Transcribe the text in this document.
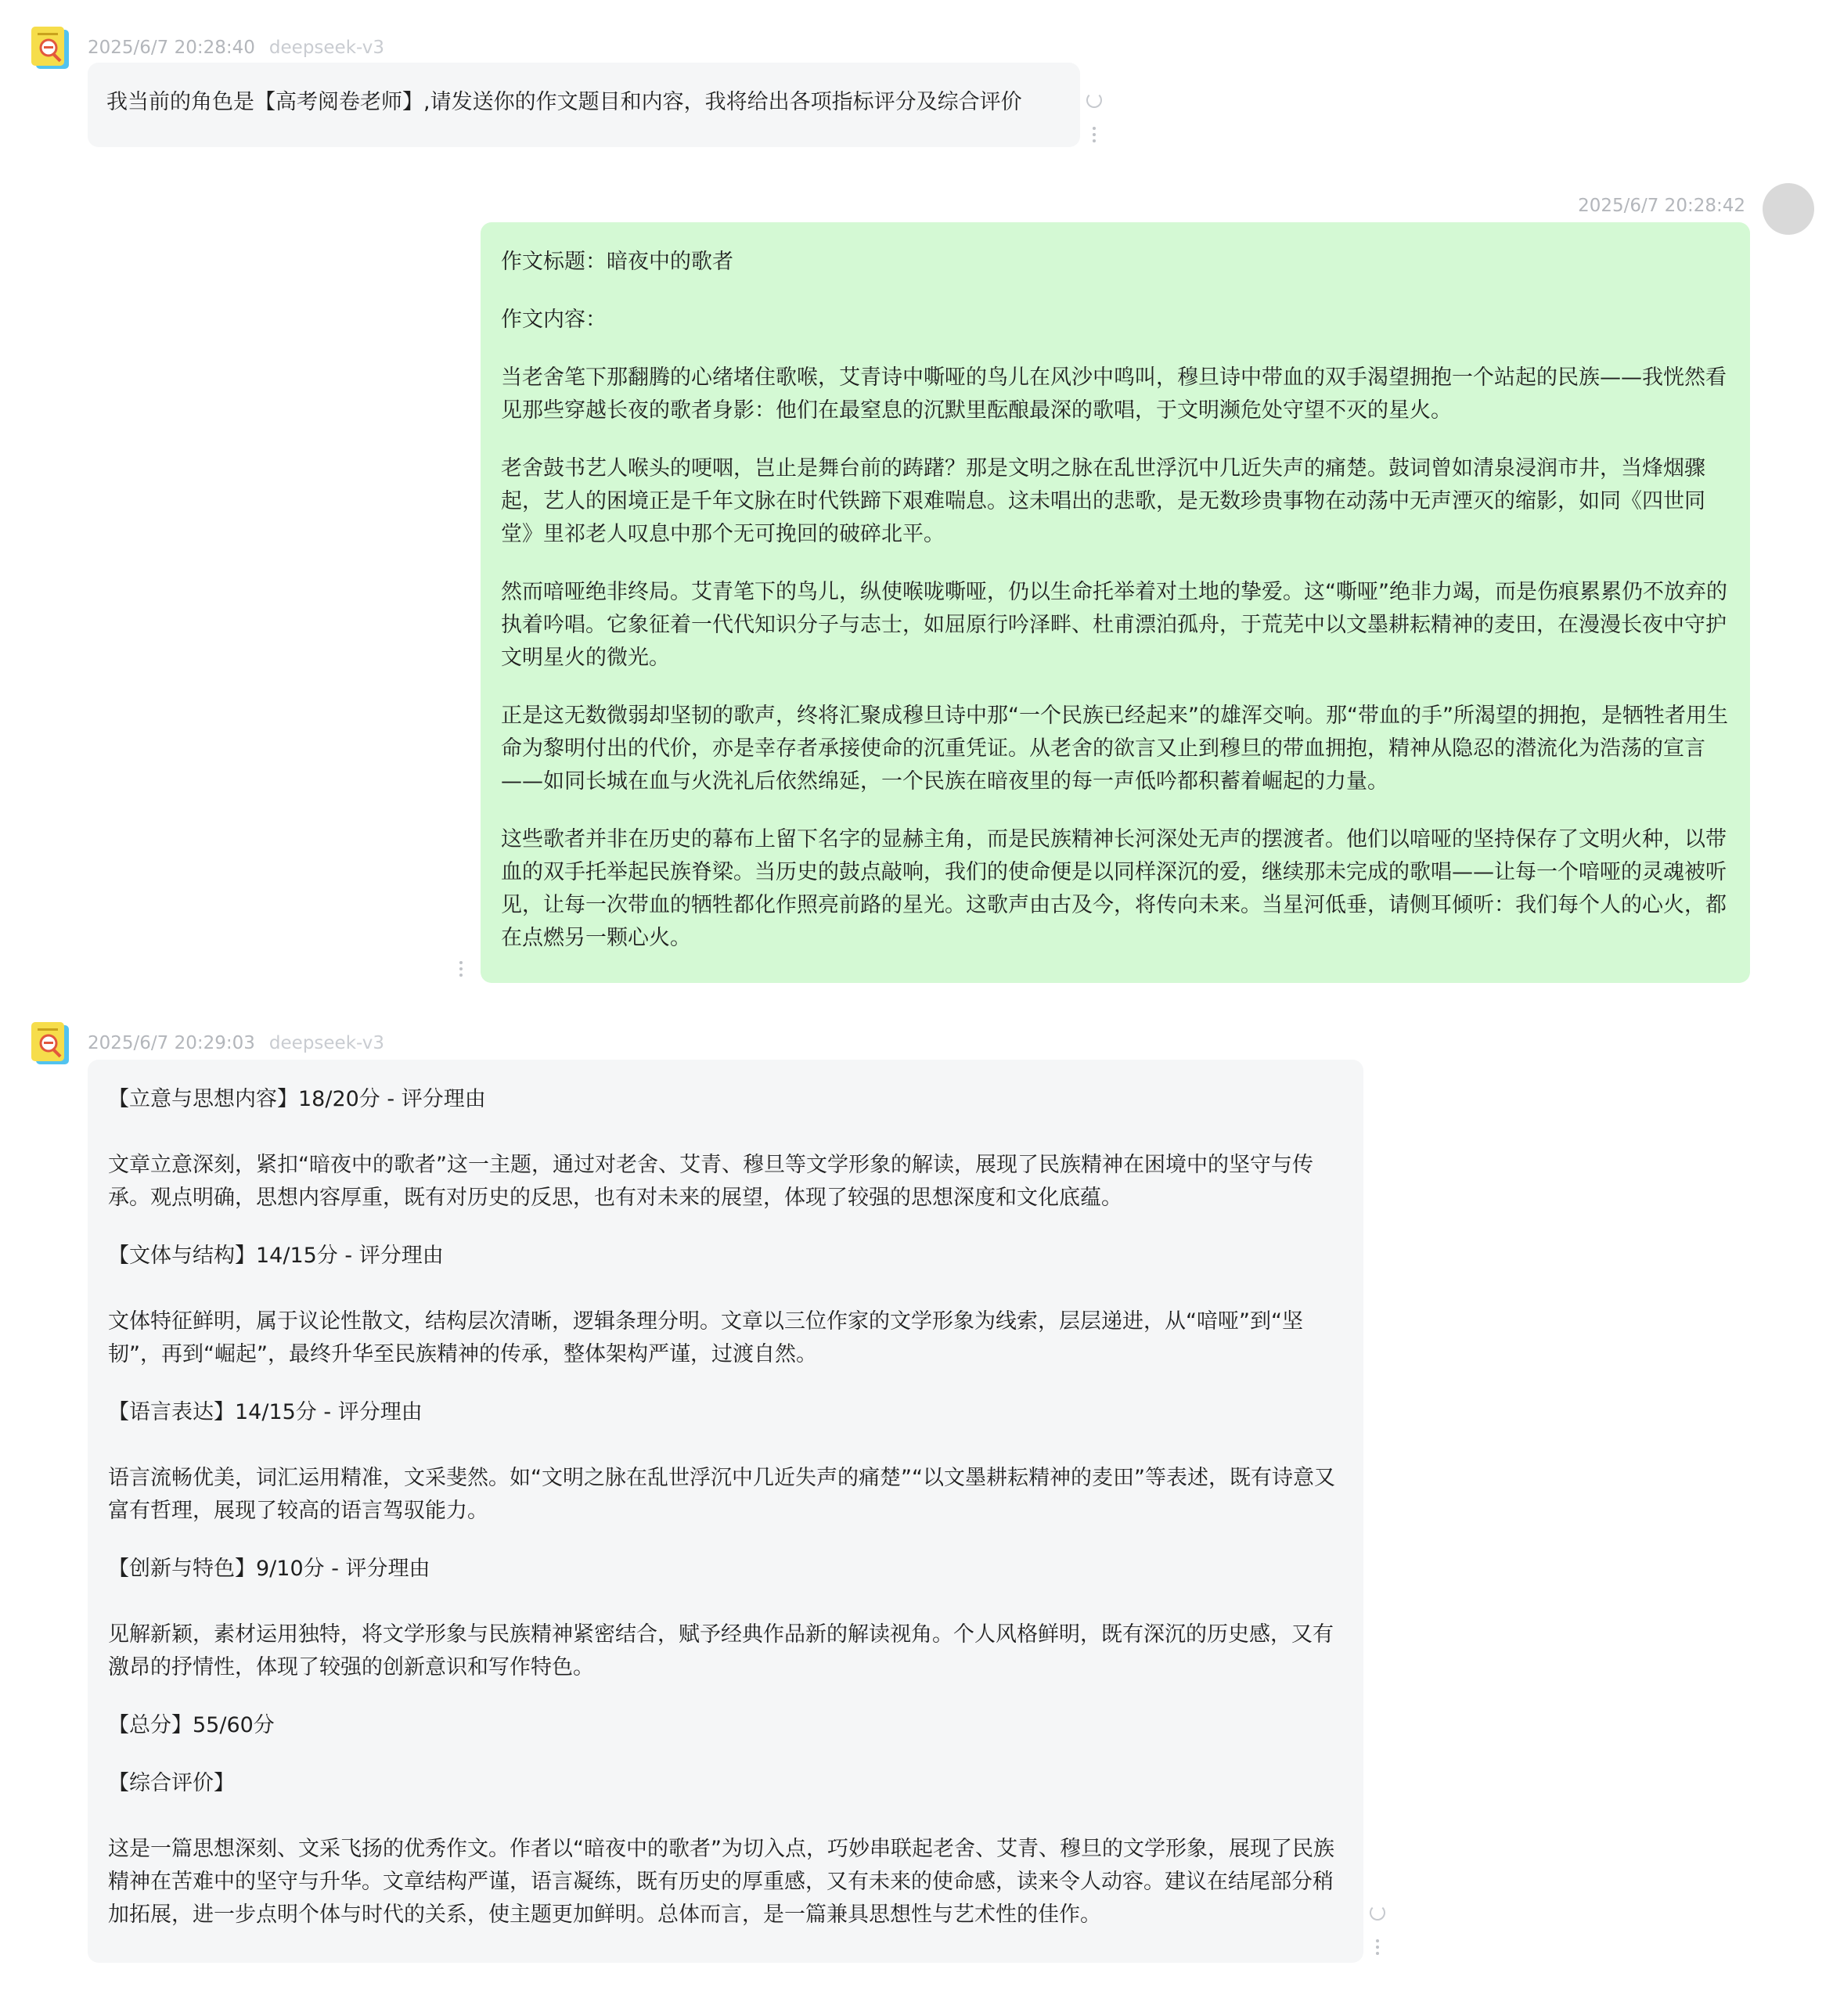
2025/6/7 20:28:40 deepseek-v3

我当前的角色是【高考阅卷老师】,请发送你的作文题目和内容，我将给出各项指标评分及综合评价

2025/6/7 20:28:42

作文标题：暗夜中的歌者

作文内容：

当老舍笔下那翻腾的心绪堵住歌喉，艾青诗中嘶哑的鸟儿在风沙中鸣叫，穆旦诗中带血的双手渴望拥抱一个站起的民族——我恍然看见那些穿越长夜的歌者身影：他们在最窒息的沉默里酝酿最深的歌唱，于文明濒危处守望不灭的星火。

老舍鼓书艺人喉头的哽咽，岂止是舞台前的踌躇？那是文明之脉在乱世浮沉中几近失声的痛楚。鼓词曾如清泉浸润市井，当烽烟骤起，艺人的困境正是千年文脉在时代铁蹄下艰难喘息。这未唱出的悲歌，是无数珍贵事物在动荡中无声湮灭的缩影，如同《四世同堂》里祁老人叹息中那个无可挽回的破碎北平。

然而喑哑绝非终局。艾青笔下的鸟儿，纵使喉咙嘶哑，仍以生命托举着对土地的挚爱。这“嘶哑”绝非力竭，而是伤痕累累仍不放弃的执着吟唱。它象征着一代代知识分子与志士，如屈原行吟泽畔、杜甫漂泊孤舟，于荒芜中以文墨耕耘精神的麦田，在漫漫长夜中守护文明星火的微光。

正是这无数微弱却坚韧的歌声，终将汇聚成穆旦诗中那“一个民族已经起来”的雄浑交响。那“带血的手”所渴望的拥抱，是牺牲者用生命为黎明付出的代价，亦是幸存者承接使命的沉重凭证。从老舍的欲言又止到穆旦的带血拥抱，精神从隐忍的潜流化为浩荡的宣言——如同长城在血与火洗礼后依然绵延，一个民族在暗夜里的每一声低吟都积蓄着崛起的力量。

这些歌者并非在历史的幕布上留下名字的显赫主角，而是民族精神长河深处无声的摆渡者。他们以喑哑的坚持保存了文明火种，以带血的双手托举起民族脊梁。当历史的鼓点敲响，我们的使命便是以同样深沉的爱，继续那未完成的歌唱——让每一个喑哑的灵魂被听见，让每一次带血的牺牲都化作照亮前路的星光。这歌声由古及今，将传向未来。当星河低垂，请侧耳倾听：我们每个人的心火，都在点燃另一颗心火。

2025/6/7 20:29:03 deepseek-v3

【立意与思想内容】18/20分 - 评分理由

文章立意深刻，紧扣“暗夜中的歌者”这一主题，通过对老舍、艾青、穆旦等文学形象的解读，展现了民族精神在困境中的坚守与传承。观点明确，思想内容厚重，既有对历史的反思，也有对未来的展望，体现了较强的思想深度和文化底蕴。

【文体与结构】14/15分 - 评分理由

文体特征鲜明，属于议论性散文，结构层次清晰，逻辑条理分明。文章以三位作家的文学形象为线索，层层递进，从“喑哑”到“坚韧”，再到“崛起”，最终升华至民族精神的传承，整体架构严谨，过渡自然。

【语言表达】14/15分 - 评分理由

语言流畅优美，词汇运用精准，文采斐然。如“文明之脉在乱世浮沉中几近失声的痛楚”“以文墨耕耘精神的麦田”等表述，既有诗意又富有哲理，展现了较高的语言驾驭能力。

【创新与特色】9/10分 - 评分理由

见解新颖，素材运用独特，将文学形象与民族精神紧密结合，赋予经典作品新的解读视角。个人风格鲜明，既有深沉的历史感，又有激昂的抒情性，体现了较强的创新意识和写作特色。

【总分】55/60分

【综合评价】

这是一篇思想深刻、文采飞扬的优秀作文。作者以“暗夜中的歌者”为切入点，巧妙串联起老舍、艾青、穆旦的文学形象，展现了民族精神在苦难中的坚守与升华。文章结构严谨，语言凝练，既有历史的厚重感，又有未来的使命感，读来令人动容。建议在结尾部分稍加拓展，进一步点明个体与时代的关系，使主题更加鲜明。总体而言，是一篇兼具思想性与艺术性的佳作。
